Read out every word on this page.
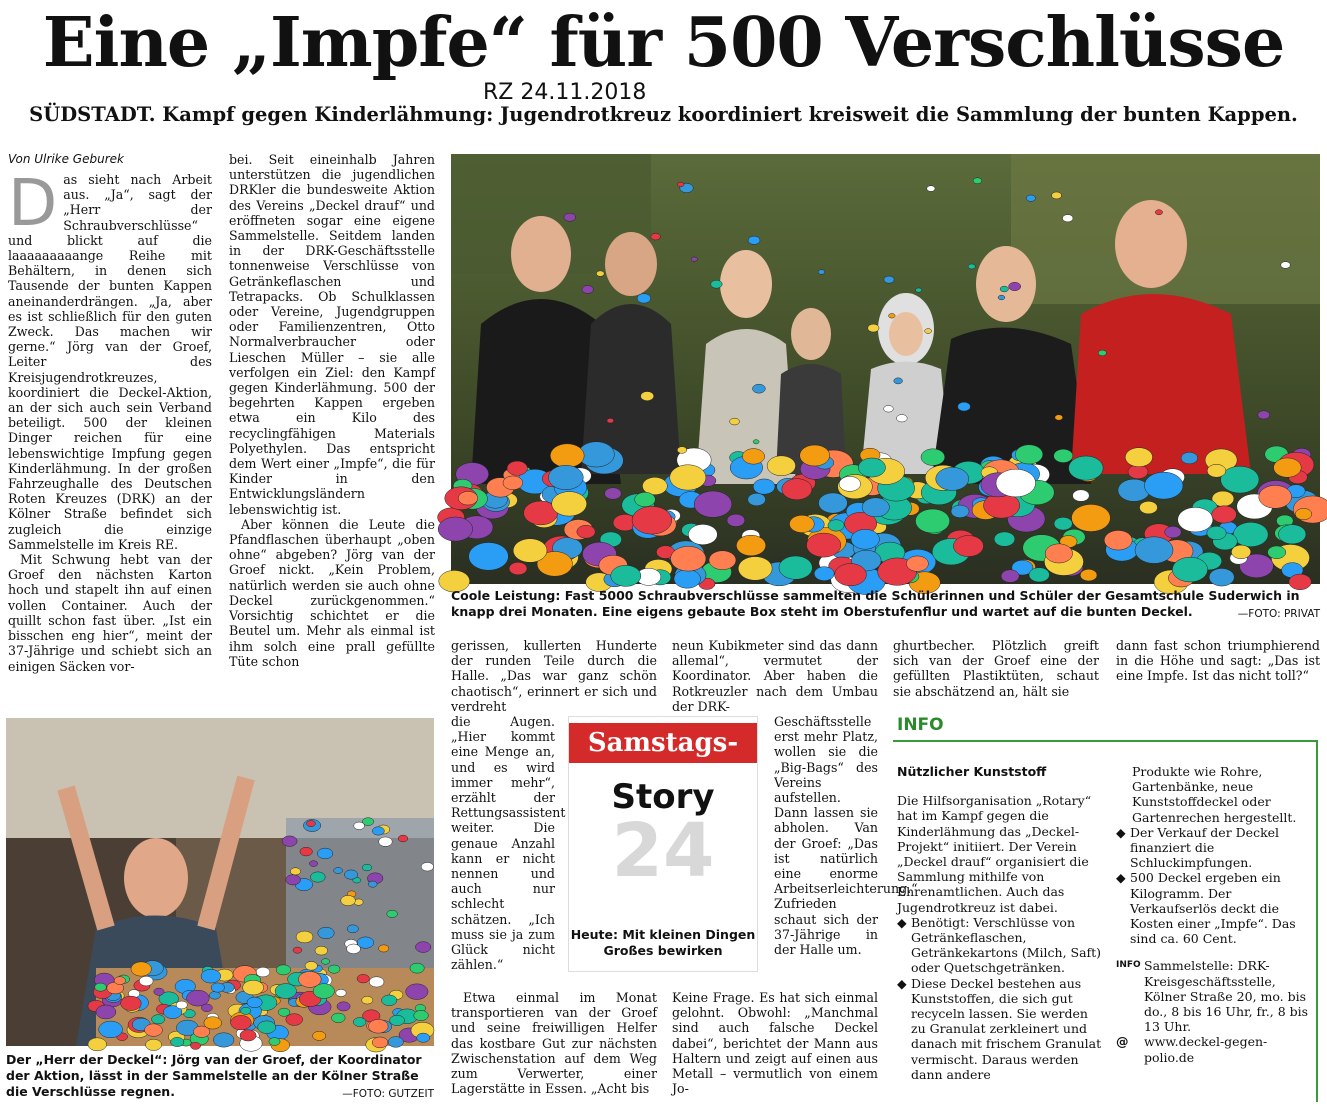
Eine „Impfe“ für 500 Verschlüsse
RZ 24.11.2018
SÜDSTADT. Kampf gegen Kinderlähmung: Jugendrotkreuz koordiniert kreisweit die Sammlung der bunten Kappen.
Von Ulrike Geburek
D as sieht nach Arbeit aus. „Ja“, sagt der „Herr der Schraubverschlüsse“ und blickt auf die laaaaaaaaange Reihe mit Behältern, in denen sich Tausende der bunten Kappen aneinanderdrängen. „Ja, aber es ist schließlich für den guten Zweck. Das machen wir gerne.“ Jörg van der Groef, Leiter des Kreisjugendrotkreuzes, koordiniert die Deckel-Aktion, an der sich auch sein Verband beteiligt. 500 der kleinen Dinger reichen für eine lebenswichtige Impfung gegen Kinderlähmung. In der großen Fahrzeughalle des Deutschen Roten Kreuzes (DRK) an der Kölner Straße befindet sich zugleich die einzige Sammelstelle im Kreis RE.

Mit Schwung hebt van der Groef den nächsten Karton hoch und stapelt ihn auf einen vollen Container. Auch der quillt schon fast über. „Ist ein bisschen eng hier“, meint der 37-Jährige und schiebt sich an einigen Säcken vor-

bei. Seit eineinhalb Jahren unterstützen die jugendlichen DRKler die bundesweite Aktion des Vereins „Deckel drauf“ und eröffneten sogar eine eigene Sammelstelle. Seitdem landen in der DRK-Geschäftsstelle tonnenweise Verschlüsse von Getränkeflaschen und Tetrapacks. Ob Schulklassen oder Vereine, Jugendgruppen oder Familienzentren, Otto Normalverbraucher oder Lieschen Müller – sie alle verfolgen ein Ziel: den Kampf gegen Kinderlähmung. 500 der begehrten Kappen ergeben etwa ein Kilo des recyclingfähigen Materials Polyethylen. Das entspricht dem Wert einer „Impfe“, die für Kinder in den Entwicklungsländern lebenswichtig ist.

Aber können die Leute die Pfandflaschen überhaupt „oben ohne“ abgeben? Jörg van der Groef nickt. „Kein Problem, natürlich werden sie auch ohne Deckel zurückgenommen.“ Vorsichtig schichtet er die Beutel um. Mehr als einmal ist ihm solch eine prall gefüllte Tüte schon

Coole Leistung: Fast 5000 Schraubverschlüsse sammelten die Schülerinnen und Schüler der Gesamtschule Suderwich in knapp drei Monaten. Eine eigens gebaute Box steht im Oberstufenflur und wartet auf die bunten Deckel.	—FOTO: PRIVAT
Der „Herr der Deckel“: Jörg van der Groef, der Koordinator der Aktion, lässt in der Sammelstelle an der Kölner Straße die Verschlüsse regnen.	—FOTO: GUTZEIT

gerissen, kullerten Hunderte der runden Teile durch die Halle. „Das war ganz schön chaotisch“, erinnert er sich und verdreht

die Augen. „Hier kommt eine Menge an, und es wird immer mehr“, erzählt der Rettungsassistent weiter. Die genaue Anzahl kann er nicht nennen und auch nur schlecht schätzen. „Ich muss sie ja zum Glück nicht zählen.“

Etwa einmal im Monat transportieren van der Groef und seine freiwilligen Helfer das kostbare Gut zur nächsten Zwischenstation auf dem Weg zum Verwerter, einer Lagerstätte in Essen. „Acht bis

Samstags-
Story
24
Heute: Mit kleinen Dingen Großes bewirken

neun Kubikmeter sind das dann allemal“, vermutet der Koordinator. Aber haben die Rotkreuzler nach dem Umbau der DRK-

Geschäftsstelle erst mehr Platz, wollen sie die „Big-Bags“ des Vereins aufstellen. Dann lassen sie abholen. Van der Groef: „Das ist natürlich eine enorme Arbeitserleichterung.“ Zufrieden schaut sich der 37-Jährige in der Halle um.

Keine Frage. Es hat sich einmal gelohnt. Obwohl: „Manchmal sind auch falsche Deckel dabei“, berichtet der Mann aus Haltern und zeigt auf einen aus Metall – vermutlich von einem Jo-

ghurtbecher. Plötzlich greift sich van der Groef eine der gefüllten Plastiktüten, schaut sie abschätzend an, hält sie

dann fast schon triumphierend in die Höhe und sagt: „Das ist eine Impfe. Ist das nicht toll?“

INFO
Nützlicher Kunststoff
Die Hilfsorganisation „Rotary“ hat im Kampf gegen die Kinderlähmung das „Deckel-Projekt“ initiiert. Der Verein „Deckel drauf“ organisiert die Sammlung mithilfe von Ehrenamtlichen. Auch das Jugendrotkreuz ist dabei.
◆ Benötigt: Verschlüsse von Getränkeflaschen, Getränkekartons (Milch, Saft) oder Quetschgetränken.
◆ Diese Deckel bestehen aus Kunststoffen, die sich gut recyceln lassen. Sie werden zu Granulat zerkleinert und danach mit frischem Granulat vermischt. Daraus werden dann andere
Produkte wie Rohre, Gartenbänke, neue Kunststoffdeckel oder Gartenrechen hergestellt.
◆ Der Verkauf der Deckel finanziert die Schluckimpfungen.
◆ 500 Deckel ergeben ein Kilogramm. Der Verkaufserlös deckt die Kosten einer „Impfe“. Das sind ca. 60 Cent.
INFO Sammelstelle: DRK-Kreisgeschäftsstelle, Kölner Straße 20, mo. bis do., 8 bis 16 Uhr, fr., 8 bis 13 Uhr.
@	www.deckel-gegen-polio.de
